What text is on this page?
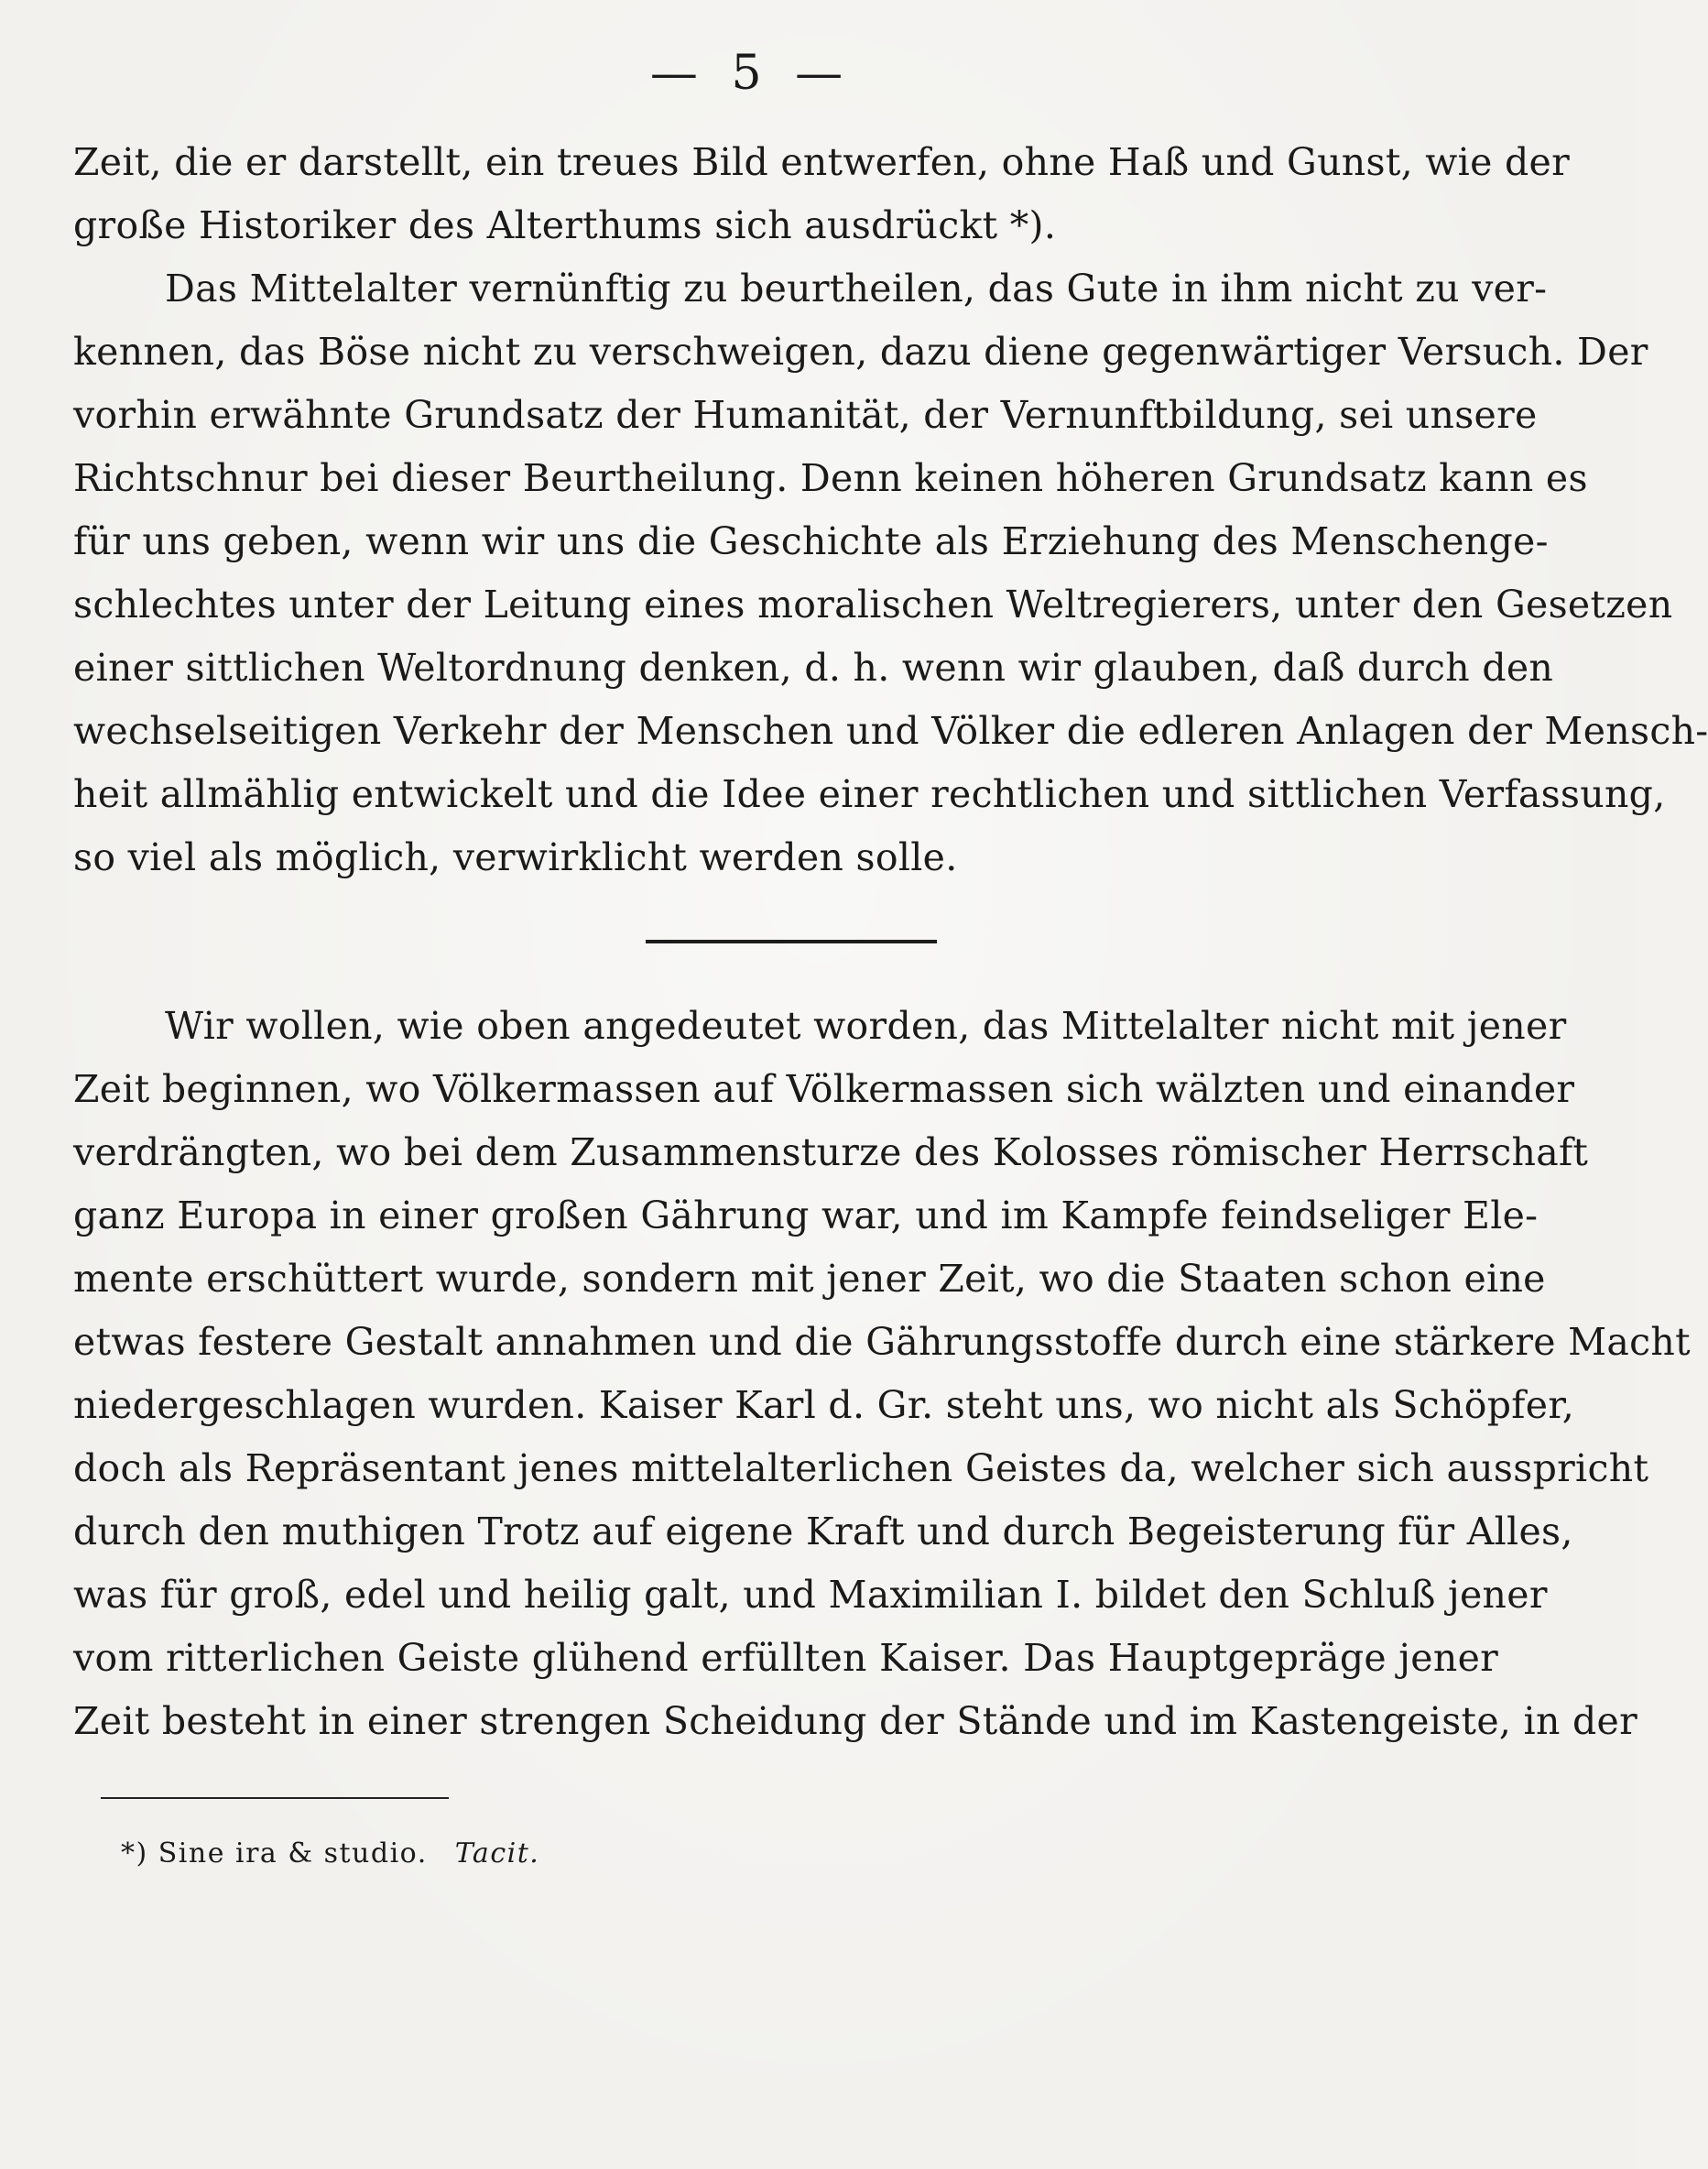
— 5 —
Zeit, die er darstellt, ein treues Bild entwerfen, ohne Haß und Gunst, wie der
große Historiker des Alterthums sich ausdrückt *).
Das Mittelalter vernünftig zu beurtheilen, das Gute in ihm nicht zu ver-
kennen, das Böse nicht zu verschweigen, dazu diene gegenwärtiger Versuch. Der
vorhin erwähnte Grundsatz der Humanität, der Vernunftbildung, sei unsere
Richtschnur bei dieser Beurtheilung. Denn keinen höheren Grundsatz kann es
für uns geben, wenn wir uns die Geschichte als Erziehung des Menschenge-
schlechtes unter der Leitung eines moralischen Weltregierers, unter den Gesetzen
einer sittlichen Weltordnung denken, d. h. wenn wir glauben, daß durch den
wechselseitigen Verkehr der Menschen und Völker die edleren Anlagen der Mensch-
heit allmählig entwickelt und die Idee einer rechtlichen und sittlichen Verfassung,
so viel als möglich, verwirklicht werden solle.
Wir wollen, wie oben angedeutet worden, das Mittelalter nicht mit jener
Zeit beginnen, wo Völkermassen auf Völkermassen sich wälzten und einander
verdrängten, wo bei dem Zusammensturze des Kolosses römischer Herrschaft
ganz Europa in einer großen Gährung war, und im Kampfe feindseliger Ele-
mente erschüttert wurde, sondern mit jener Zeit, wo die Staaten schon eine
etwas festere Gestalt annahmen und die Gährungsstoffe durch eine stärkere Macht
niedergeschlagen wurden. Kaiser Karl d. Gr. steht uns, wo nicht als Schöpfer,
doch als Repräsentant jenes mittelalterlichen Geistes da, welcher sich ausspricht
durch den muthigen Trotz auf eigene Kraft und durch Begeisterung für Alles,
was für groß, edel und heilig galt, und Maximilian I. bildet den Schluß jener
vom ritterlichen Geiste glühend erfüllten Kaiser. Das Hauptgepräge jener
Zeit besteht in einer strengen Scheidung der Stände und im Kastengeiste, in der
*) Sine ira & studio. Tacit.
